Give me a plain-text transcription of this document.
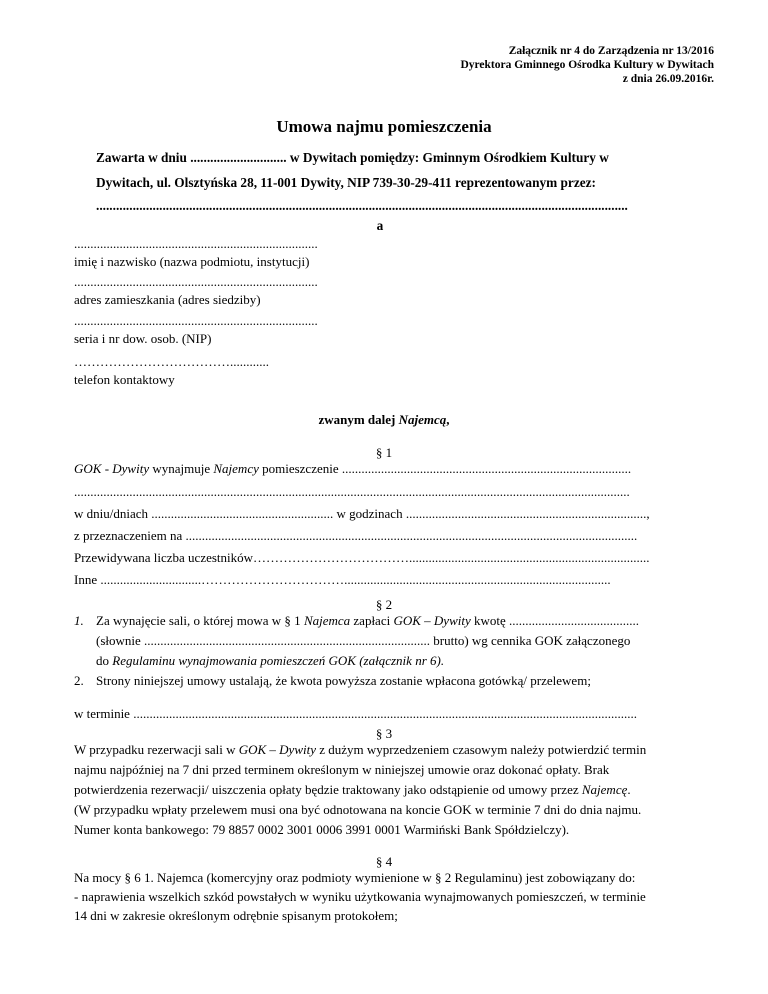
Załącznik nr 4 do Zarządzenia nr 13/2016
Dyrektora Gminnego Ośrodka Kultury w Dywitach
z dnia 26.09.2016r.
Umowa najmu pomieszczenia
Zawarta w dniu ............................. w Dywitach pomiędzy: Gminnym Ośrodkiem Kultury w
Dywitach, ul. Olsztyńska 28, 11-001 Dywity, NIP 739-30-29-411 reprezentowanym przez:
................................................................................................................................................................
a
...........................................................................
imię i nazwisko (nazwa podmiotu, instytucji)
...........................................................................
adres zamieszkania (adres siedziby)
...........................................................................
seria i nr dow. osob. (NIP)
………………………………............
telefon kontaktowy
zwanym dalej Najemcą,
§ 1
GOK - Dywity wynajmuje Najemcy pomieszczenie .........................................................................................
...........................................................................................................................................................................
w dniu/dniach ........................................................ w godzinach ..........................................................................,
z przeznaczeniem na ...........................................................................................................................................
Przewidywana liczba uczestników………………………………..........................................................................
Inne ...............................……………………………..................................................................................
§ 2
1. Za wynajęcie sali, o której mowa w § 1 Najemca zapłaci GOK – Dywity kwotę ........................................
(słownie ........................................................................................ brutto) wg cennika GOK załączonego
do Regulaminu wynajmowania pomieszczeń GOK (załącznik nr 6).
2. Strony niniejszej umowy ustalają, że kwota powyższa zostanie wpłacona gotówką/ przelewem;
w terminie ...........................................................................................................................................................
§ 3
W przypadku rezerwacji sali w GOK – Dywity z dużym wyprzedzeniem czasowym należy potwierdzić termin
najmu najpóźniej na 7 dni przed terminem określonym w niniejszej umowie oraz dokonać opłaty. Brak
potwierdzenia rezerwacji/ uiszczenia opłaty będzie traktowany jako odstąpienie od umowy przez Najemcę.
(W przypadku wpłaty przelewem musi ona być odnotowana na koncie GOK w terminie 7 dni do dnia najmu.
Numer konta bankowego: 79 8857 0002 3001 0006 3991 0001 Warmiński Bank Spółdzielczy).
§ 4
Na mocy § 6 1. Najemca (komercyjny oraz podmioty wymienione w § 2 Regulaminu) jest zobowiązany do:
- naprawienia wszelkich szkód powstałych w wyniku użytkowania wynajmowanych pomieszczeń, w terminie
14 dni w zakresie określonym odrębnie spisanym protokołem;
